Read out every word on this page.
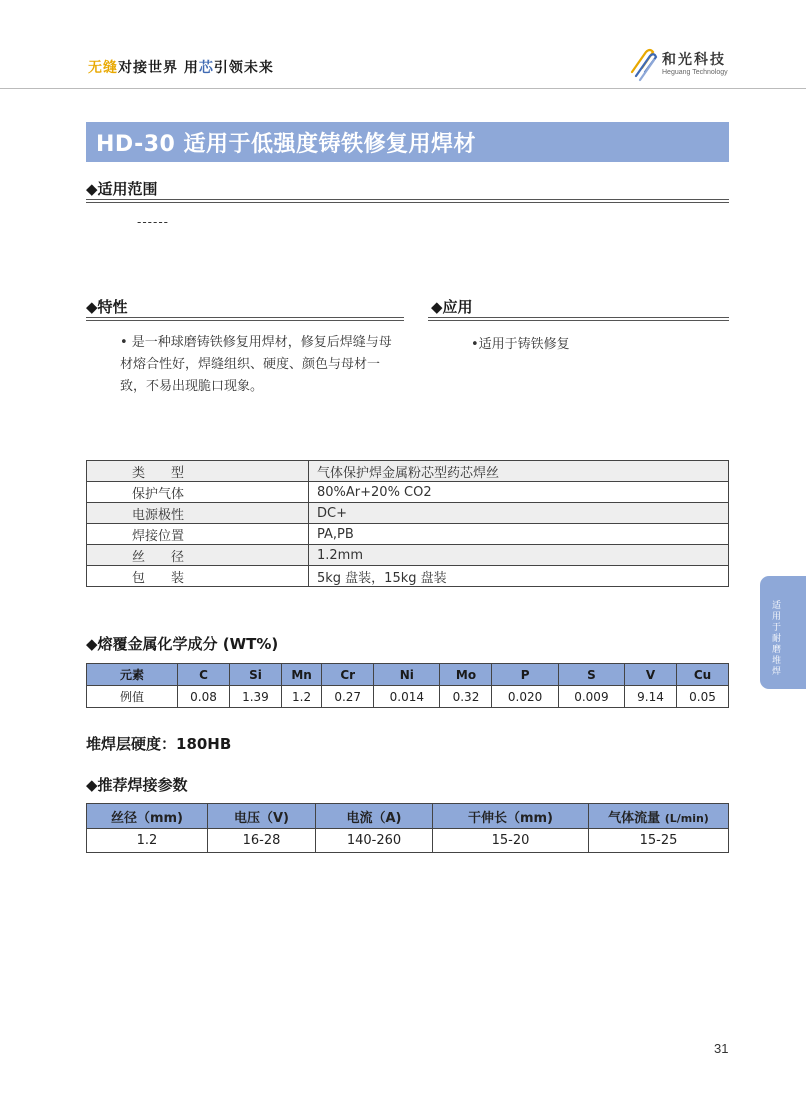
无缝对接世界 用芯引领未来	和光科技
Heguang Technology
HD-30 适用于低强度铸铁修复用焊材
◆适用范围
------
◆特性
• 是一种球磨铸铁修复用焊材，修复后焊缝与母材熔合性好，焊缝组织、硬度、颜色与母材一致，不易出现脆口现象。
◆应用
•适用于铸铁修复
类　　型	气体保护焊金属粉芯型药芯焊丝
保护气体	80%Ar+20% CO2
电源极性	DC+
焊接位置	PA,PB
丝　　径	1.2mm
包　　装	5kg 盘装，15kg 盘装
◆熔覆金属化学成分 (WT%)
元素	C	Si	Mn	Cr	Ni	Mo	P	S	V	Cu
例值	0.08	1.39	1.2	0.27	0.014	0.32	0.020	0.009	9.14	0.05
堆焊层硬度：180HB
◆推荐焊接参数
丝径（mm)	电压（V)	电流（A)	干伸长（mm)	气体流量 (L/min)
1.2	16-28	140-260	15-20	15-25
适用于耐磨堆焊
31
